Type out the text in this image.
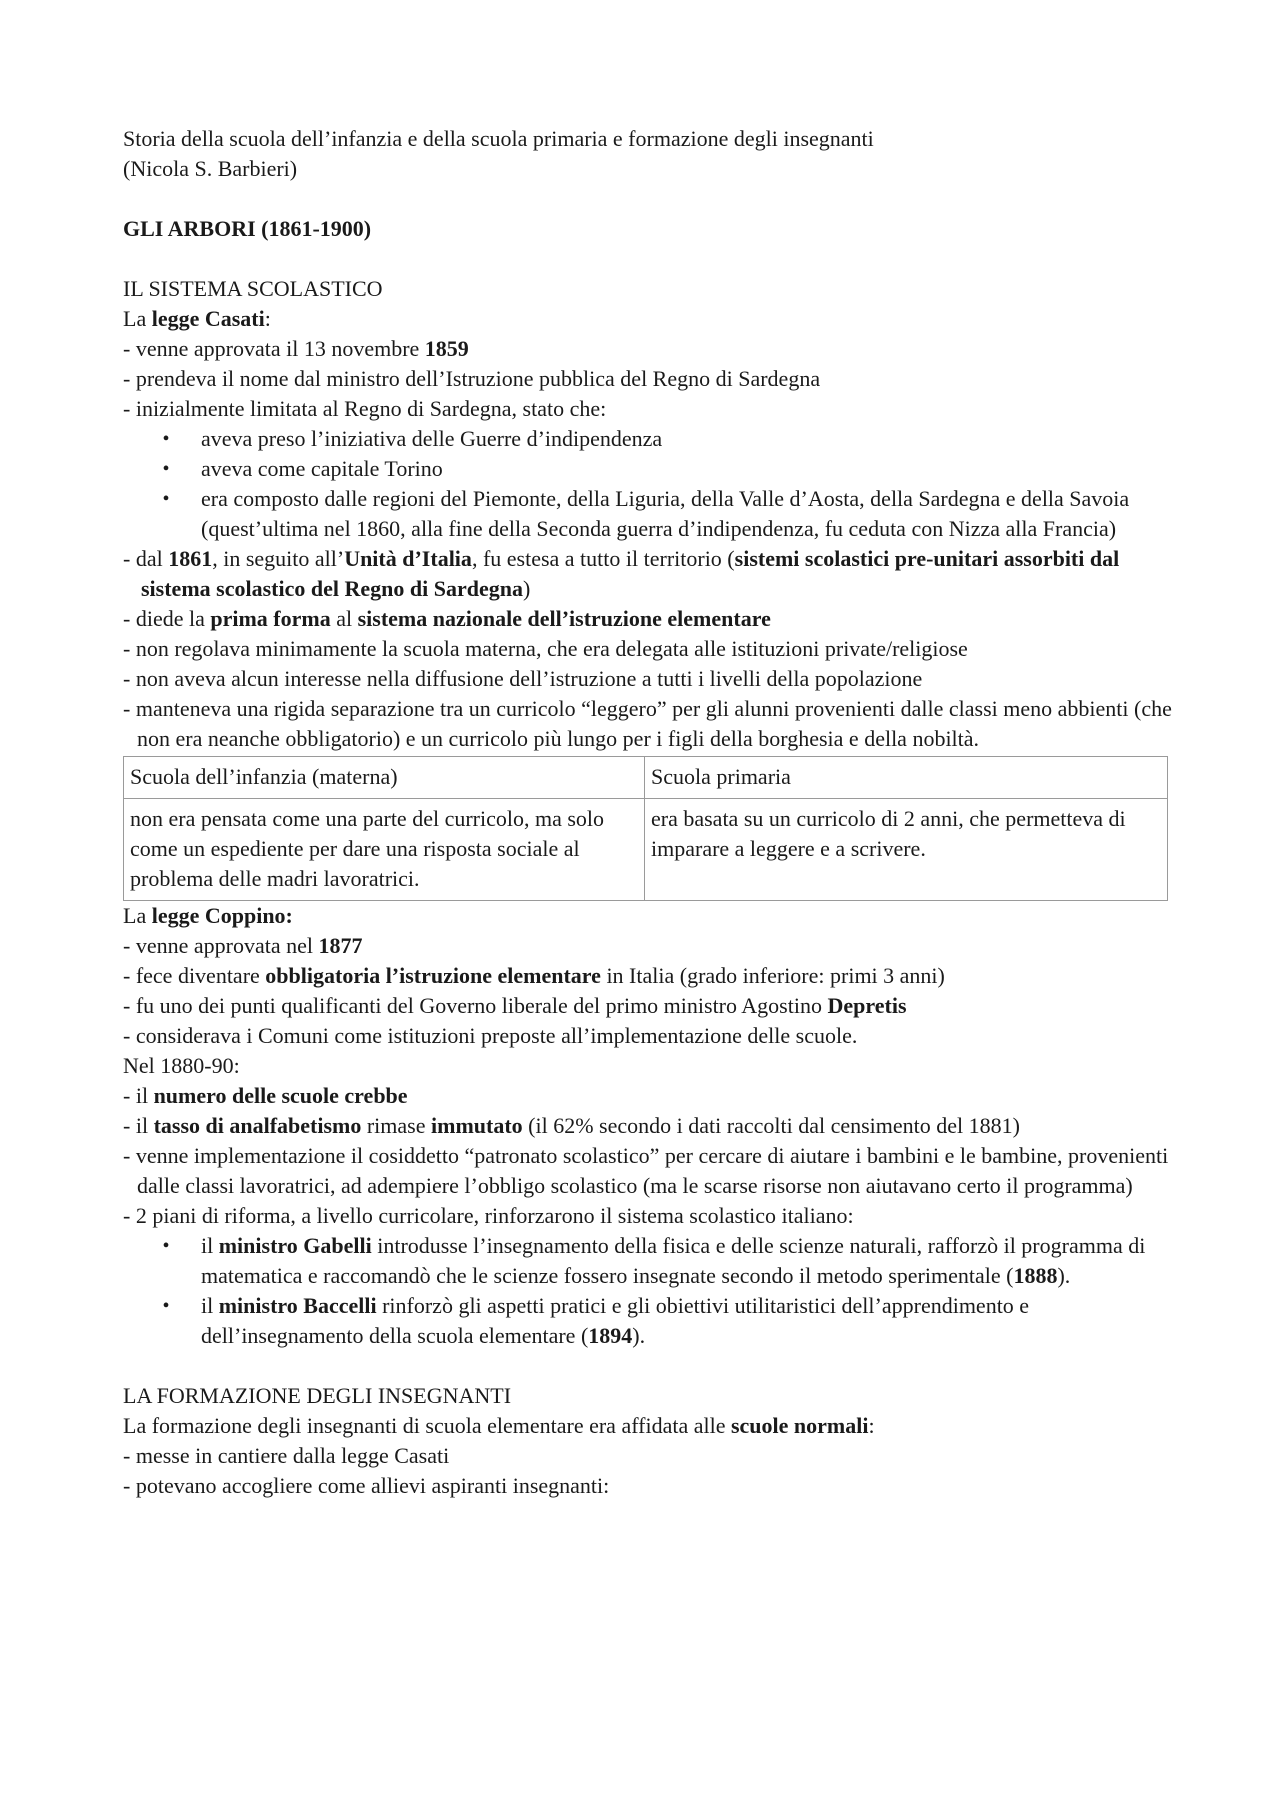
Storia della scuola dell’infanzia e della scuola primaria e formazione degli insegnanti

(Nicola S. Barbieri)

GLI ARBORI (1861-1900)

IL SISTEMA SCOLASTICO

La legge Casati:

- venne approvata il 13 novembre 1859

- prendeva il nome dal ministro dell’Istruzione pubblica del Regno di Sardegna

- inizialmente limitata al Regno di Sardegna, stato che:

• aveva preso l’iniziativa delle Guerre d’indipendenza
• aveva come capitale Torino
• era composto dalle regioni del Piemonte, della Liguria, della Valle d’Aosta, della Sardegna e della Savoia (quest’ultima nel 1860, alla fine della Seconda guerra d’indipendenza, fu ceduta con Nizza alla Francia)

- dal 1861, in seguito all’Unità d’Italia, fu estesa a tutto il territorio (sistemi scolastici pre-unitari assorbiti dal sistema scolastico del Regno di Sardegna)

- diede la prima forma al sistema nazionale dell’istruzione elementare

- non regolava minimamente la scuola materna, che era delegata alle istituzioni private/religiose

- non aveva alcun interesse nella diffusione dell’istruzione a tutti i livelli della popolazione

- manteneva una rigida separazione tra un curricolo “leggero” per gli alunni provenienti dalle classi meno abbienti (che non era neanche obbligatorio) e un curricolo più lungo per i figli della borghesia e della nobiltà.

Scuola dell’infanzia (materna)	Scuola primaria
non era pensata come una parte del curricolo, ma solo come un espediente per dare una risposta sociale al problema delle madri lavoratrici.	era basata su un curricolo di 2 anni, che permetteva di imparare a leggere e a scrivere.

La legge Coppino:

- venne approvata nel 1877

- fece diventare obbligatoria l’istruzione elementare in Italia (grado inferiore: primi 3 anni)

- fu uno dei punti qualificanti del Governo liberale del primo ministro Agostino Depretis

- considerava i Comuni come istituzioni preposte all’implementazione delle scuole.

Nel 1880-90:

- il numero delle scuole crebbe

- il tasso di analfabetismo rimase immutato (il 62% secondo i dati raccolti dal censimento del 1881)

- venne implementazione il cosiddetto “patronato scolastico” per cercare di aiutare i bambini e le bambine, provenienti dalle classi lavoratrici, ad adempiere l’obbligo scolastico (ma le scarse risorse non aiutavano certo il programma)

- 2 piani di riforma, a livello curricolare, rinforzarono il sistema scolastico italiano:

• il ministro Gabelli introdusse l’insegnamento della fisica e delle scienze naturali, rafforzò il programma di matematica e raccomandò che le scienze fossero insegnate secondo il metodo sperimentale (1888).
• il ministro Baccelli rinforzò gli aspetti pratici e gli obiettivi utilitaristici dell’apprendimento e dell’insegnamento della scuola elementare (1894).

LA FORMAZIONE DEGLI INSEGNANTI

La formazione degli insegnanti di scuola elementare era affidata alle scuole normali:

- messe in cantiere dalla legge Casati

- potevano accogliere come allievi aspiranti insegnanti:
